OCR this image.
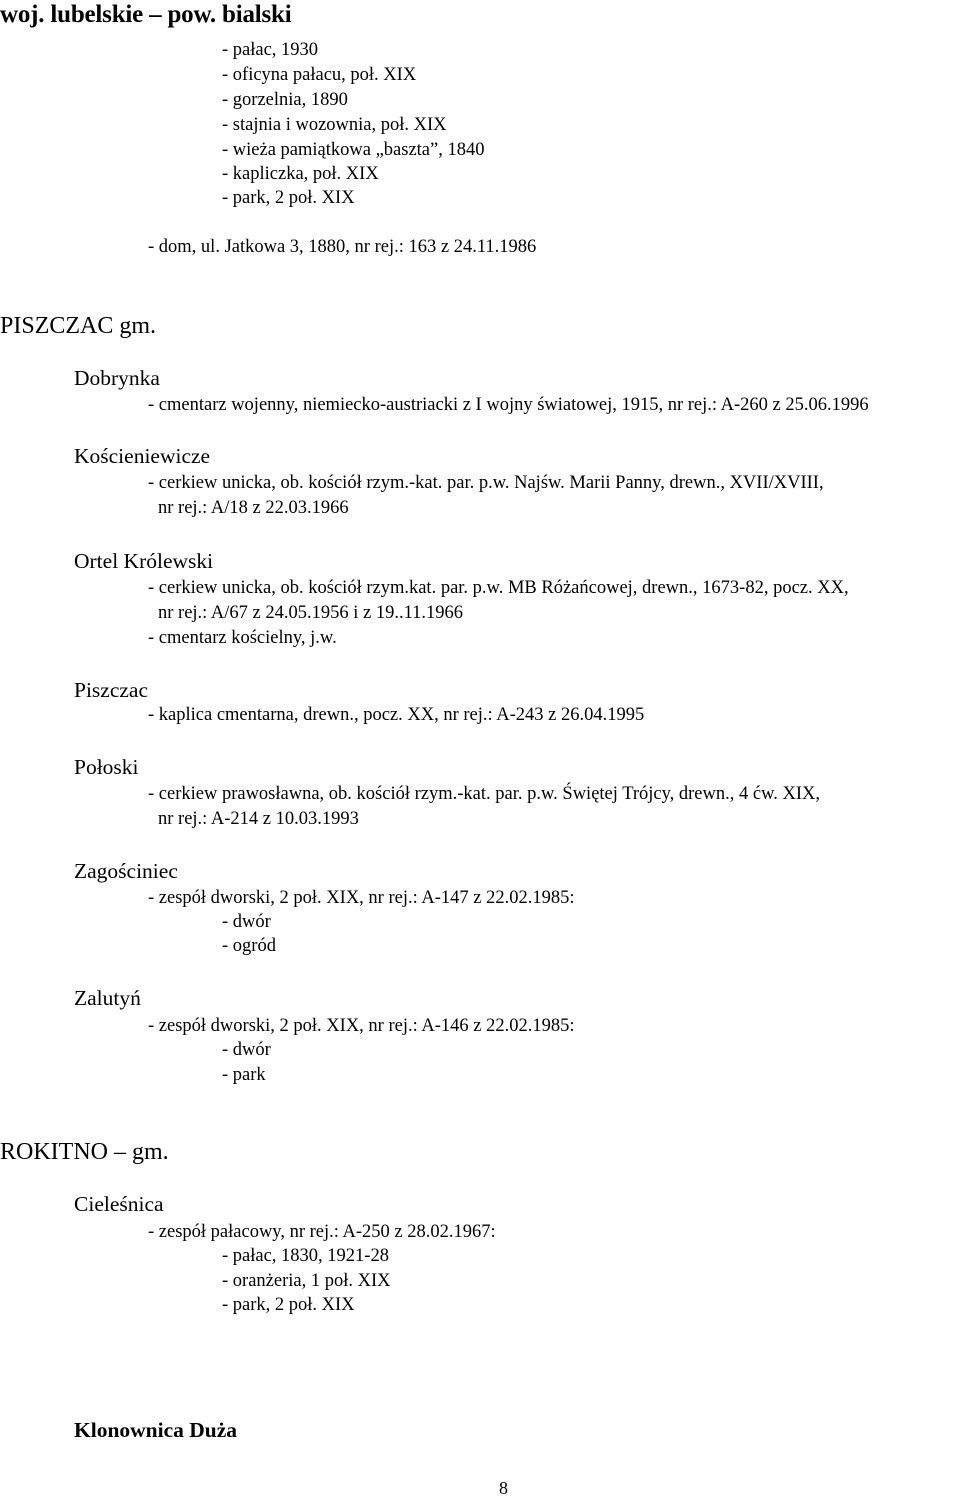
woj. lubelskie – pow. bialski
- pałac, 1930
- oficyna pałacu, poł. XIX
- gorzelnia, 1890
- stajnia i wozownia, poł. XIX
- wieża pamiątkowa „baszta”, 1840
- kapliczka, poł. XIX
- park, 2 poł. XIX
- dom, ul. Jatkowa 3, 1880, nr rej.: 163 z 24.11.1986
PISZCZAC gm.
Dobrynka
- cmentarz wojenny, niemiecko-austriacki z I wojny światowej, 1915, nr rej.: A-260 z 25.06.1996
Kościeniewicze
- cerkiew unicka, ob. kościół rzym.-kat. par. p.w. Najśw. Marii Panny, drewn., XVII/XVIII,
nr rej.: A/18 z 22.03.1966
Ortel Królewski
- cerkiew unicka, ob. kościół rzym.kat. par. p.w. MB Różańcowej, drewn., 1673-82, pocz. XX,
nr rej.: A/67 z 24.05.1956 i z 19..11.1966
- cmentarz kościelny, j.w.
Piszczac
- kaplica cmentarna, drewn., pocz. XX, nr rej.: A-243 z 26.04.1995
Połoski
- cerkiew prawosławna, ob. kościół rzym.-kat. par. p.w. Świętej Trójcy, drewn., 4 ćw. XIX,
nr rej.: A-214 z 10.03.1993
Zagościniec
- zespół dworski, 2 poł. XIX, nr rej.: A-147 z 22.02.1985:
- dwór
- ogród
Zalutyń
- zespół dworski, 2 poł. XIX, nr rej.: A-146 z 22.02.1985:
- dwór
- park
ROKITNO – gm.
Cieleśnica
- zespół pałacowy, nr rej.: A-250 z 28.02.1967:
- pałac, 1830, 1921-28
- oranżeria, 1 poł. XIX
- park, 2 poł. XIX
Klonownica Duża
8
